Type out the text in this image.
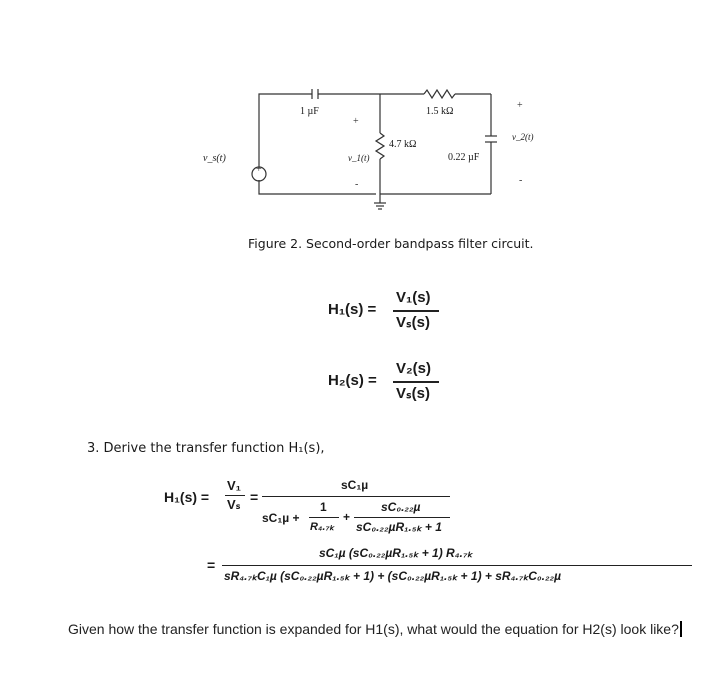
+
+
-
+
-
v_s(t)
1 µF	1.5 kΩ
4.7 kΩ
0.22 µF
v_1(t)
v_2(t)
Figure 2. Second-order bandpass filter circuit.
H₁(s) =
V₁(s)
Vₛ(s)
H₂(s) =
V₂(s)
Vₛ(s)
3. Derive the transfer function H₁(s),
H₁(s) =
V₁
Vₛ =
sC₁µ
sC₁µ +
1
R₄.₇ₖ
+
sC₀.₂₂µ
sC₀.₂₂µR₁.₅ₖ + 1
=
sC₁µ (sC₀.₂₂µR₁.₅ₖ + 1) R₄.₇ₖ
sR₄.₇ₖC₁µ (sC₀.₂₂µR₁.₅ₖ + 1) + (sC₀.₂₂µR₁.₅ₖ + 1) + sR₄.₇ₖC₀.₂₂µ
Given how the transfer function is expanded for H1(s), what would the equation for H2(s) look like?
